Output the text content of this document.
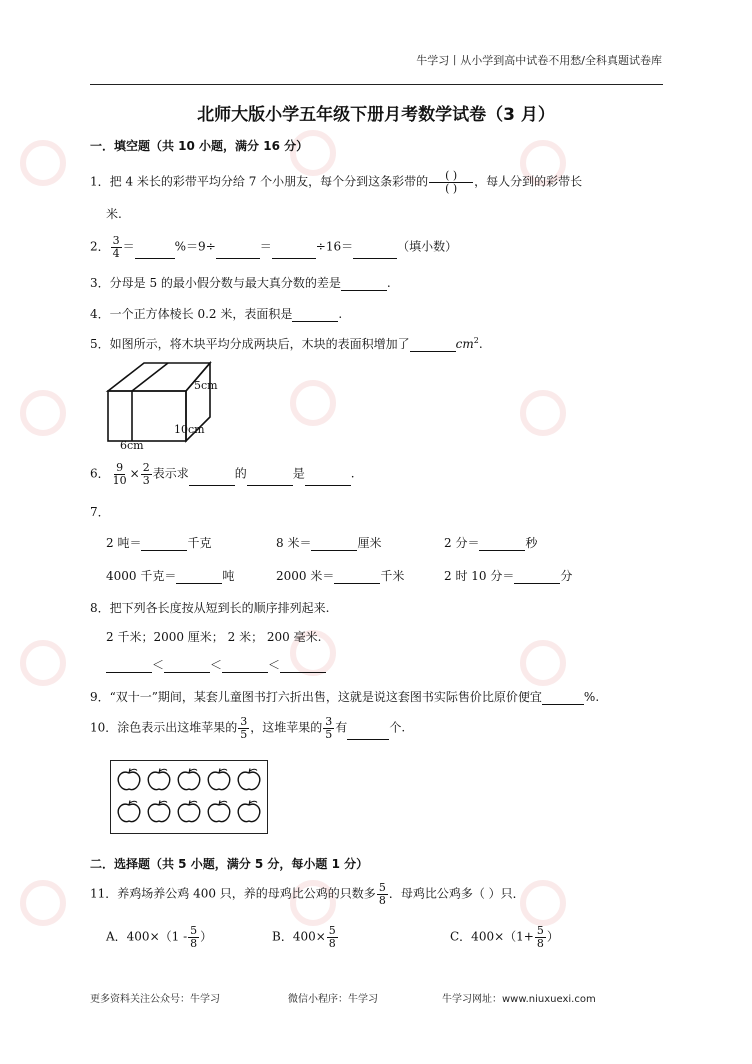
牛学习丨从小学到高中试卷不用愁/全科真题试卷库
北师大版小学五年级下册月考数学试卷（3 月）
一．填空题（共 10 小题，满分 16 分）
1．把 4 米长的彩带平均分给 7 个小朋友，每个分到这条彩带的 $\frac{( )}{( )}$ ，每人分到的彩带长
米.
2． $\frac{3}{4}$ ＝	%＝9÷	＝	÷16＝	（填小数）
3．分母是 5 的最小假分数与最大真分数的差是	.
4．一个正方体棱长 0.2 米，表面积是	.
5．如图所示，将木块平均分成两块后，木块的表面积增加了	$cm^2$.
5cm
10cm
6cm
6． $\frac{9}{10} \times \frac{2}{3}$ 表示求	的	是	.
7．
2 吨＝	千克	8 米＝	厘米	2 分＝	秒
4000 千克＝	吨	2000 米＝	千米	2 时 10 分＝	分
8．把下列各长度按从短到长的顺序排列起来.
2 千米；2000 厘米； 2 米； 200 毫米.
＜	＜	＜
9．“双十一”期间，某套儿童图书打六折出售，这就是说这套图书实际售价比原价便宜	%.
10．涂色表示出这堆苹果的 $\frac{3}{5}$ ，这堆苹果的 $\frac{3}{5}$ 有	个.
二．选择题（共 5 小题，满分 5 分，每小题 1 分）
11．养鸡场养公鸡 400 只，养的母鸡比公鸡的只数多 $\frac{5}{8}$ ．母鸡比公鸡多（ ）只．
A．$400\times(1 - \frac{5}{8}$ ）	B．$400\times \frac{5}{8}$	C．$400\times(1+ \frac{5}{8}$ ）
更多资料关注公众号：牛学习	微信小程序：牛学习	牛学习网址：www.niuxuexi.com
